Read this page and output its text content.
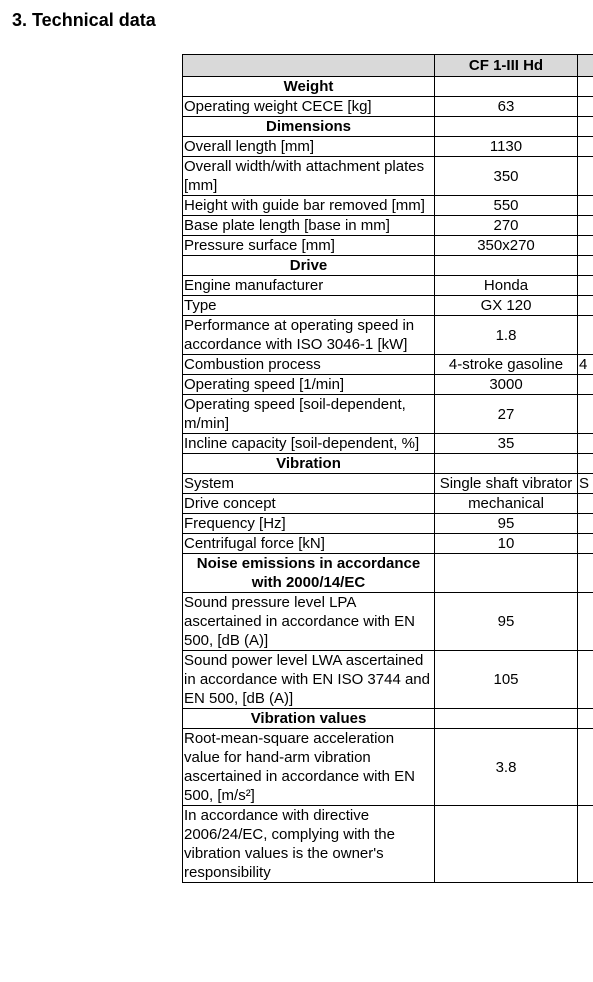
3. Technical data
	CF 1-III Hd	
Weight		
Operating weight CECE [kg]	63	
Dimensions		
Overall length [mm]	1130	
Overall width/with attachment plates [mm]	350	
Height with guide bar removed [mm]	550	
Base plate length [base in mm]	270	
Pressure surface [mm]	350x270	
Drive		
Engine manufacturer	Honda	
Type	GX 120	
Performance at operating speed in accordance with ISO 3046-1 [kW]	1.8	
Combustion process	4-stroke gasoline	4
Operating speed [1/min]	3000	
Operating speed [soil-dependent, m/min]	27	
Incline capacity [soil-dependent, %]	35	
Vibration		
System	Single shaft vibrator	S
Drive concept	mechanical	
Frequency [Hz]	95	
Centrifugal force [kN]	10	
Noise emissions in accordance with 2000/14/EC		
Sound pressure level LPA ascertained in accordance with EN 500, [dB (A)]	95	
Sound power level LWA ascertained in accordance with EN ISO 3744 and EN 500, [dB (A)]	105	
Vibration values		
Root-mean-square acceleration value for hand-arm vibration ascertained in accordance with EN 500, [m/s²]	3.8	
In accordance with directive 2006/24/EC, complying with the vibration values is the owner's responsibility		
